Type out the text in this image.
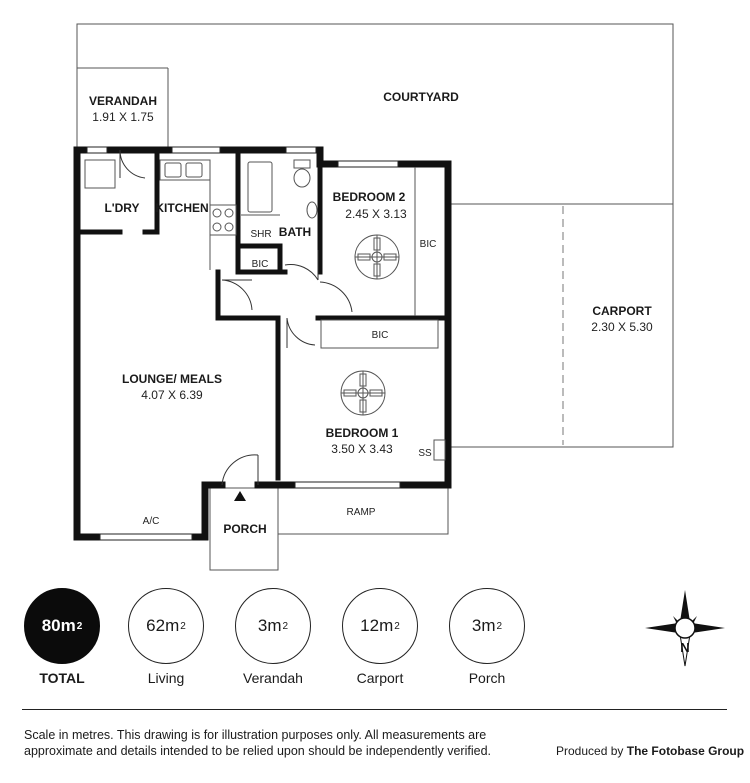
COURTYARD
VERANDAH
1.91 X 1.75
L'DRY KITCHEN
SHR BATH
BIC
BEDROOM 2
2.45 X 3.13
BIC
CARPORT
2.30 X 5.30
LOUNGE/ MEALS
4.07 X 6.39
BIC
BEDROOM 1
3.50 X 3.43	SS
A/C
RAMP
PORCH
80m 2
TOTAL
62m 2
Living
3m 2
Verandah
12m 2
Carport
3m 2
Porch
N
Scale in metres. This drawing is for illustration purposes only. All measurements are approximate and details intended to be relied upon should be independently verified.	Produced by The Fotobase Group
